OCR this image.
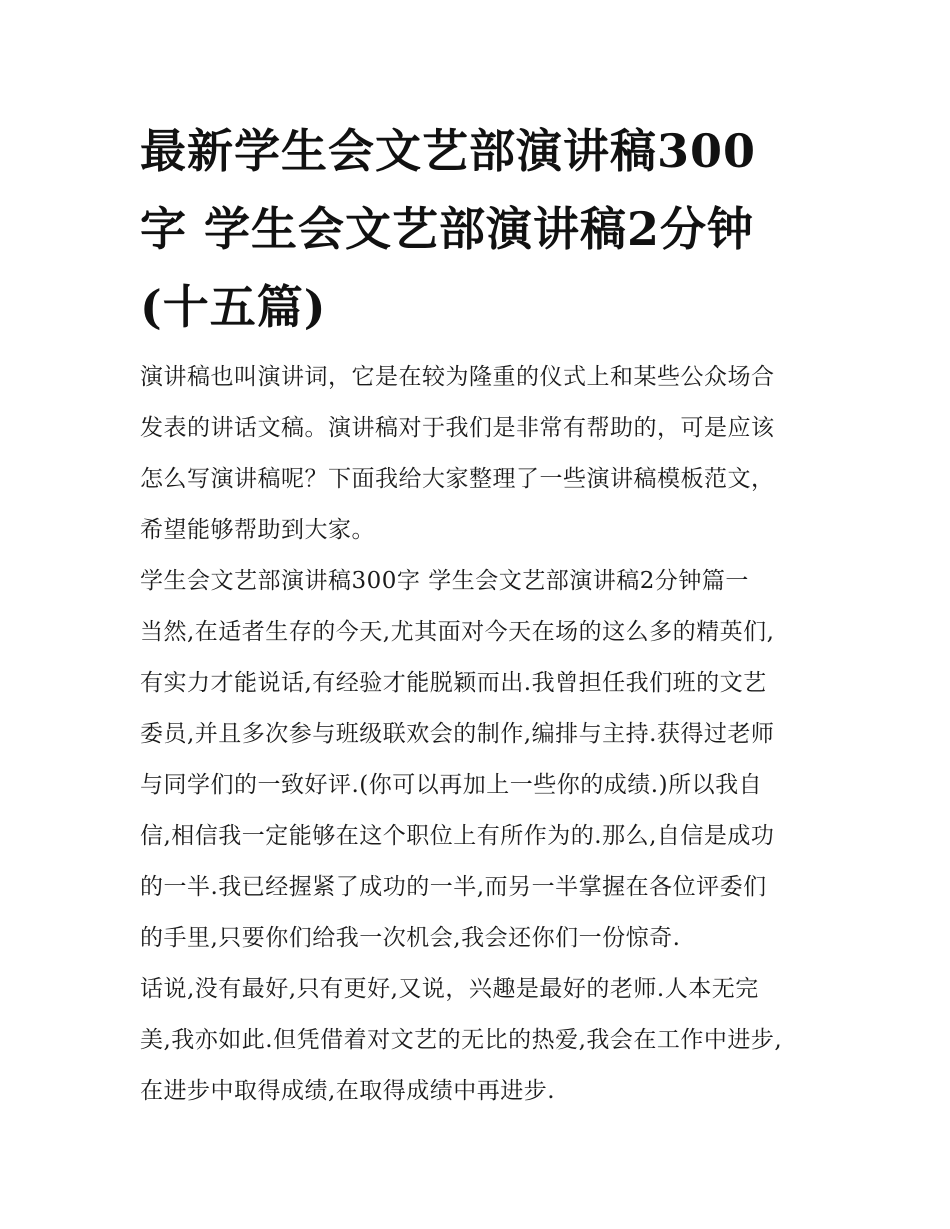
最新学生会文艺部演讲稿300
字 学生会文艺部演讲稿2分钟
(十五篇)

演讲稿也叫演讲词，它是在较为隆重的仪式上和某些公众场合
发表的讲话文稿。演讲稿对于我们是非常有帮助的，可是应该
怎么写演讲稿呢？下面我给大家整理了一些演讲稿模板范文，
希望能够帮助到大家。

学生会文艺部演讲稿300字 学生会文艺部演讲稿2分钟篇一

当然,在适者生存的今天,尤其面对今天在场的这么多的精英们,
有实力才能说话,有经验才能脱颖而出.我曾担任我们班的文艺
委员,并且多次参与班级联欢会的制作,编排与主持.获得过老师
与同学们的一致好评.(你可以再加上一些你的成绩.)所以我自
信,相信我一定能够在这个职位上有所作为的.那么,自信是成功
的一半.我已经握紧了成功的一半,而另一半掌握在各位评委们
的手里,只要你们给我一次机会,我会还你们一份惊奇.

话说,没有最好,只有更好,又说，兴趣是最好的老师.人本无完
美,我亦如此.但凭借着对文艺的无比的热爱,我会在工作中进步,
在进步中取得成绩,在取得成绩中再进步.
